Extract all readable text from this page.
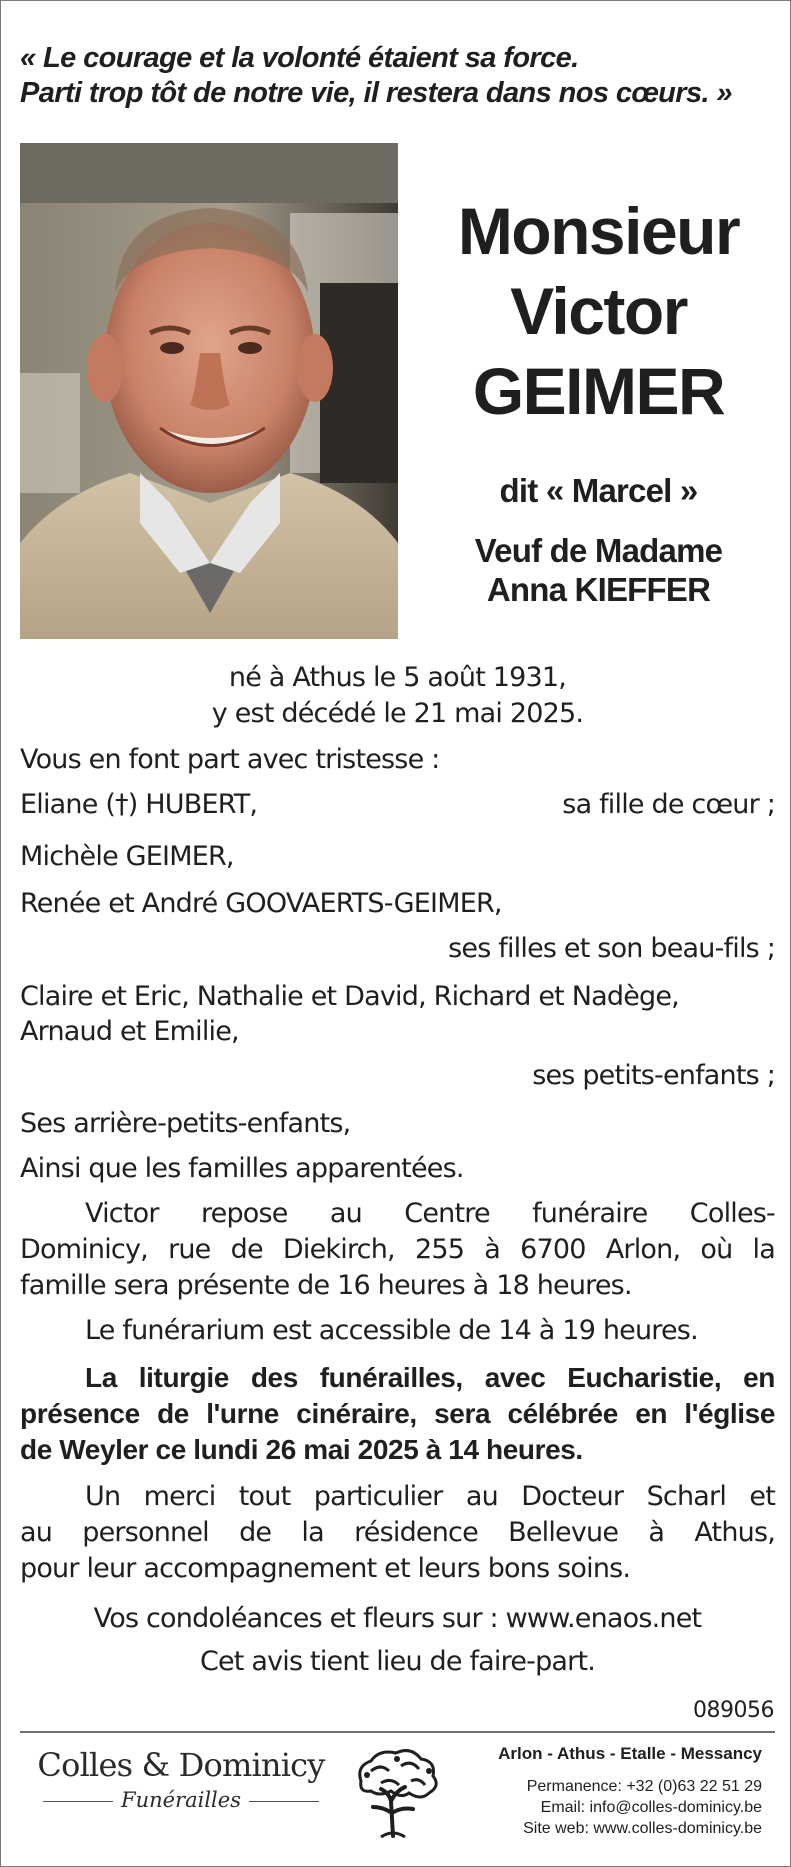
« Le courage et la volonté étaient sa force.
Parti trop tôt de notre vie, il restera dans nos cœurs. »
Monsieur
Victor
GEIMER
dit « Marcel »
Veuf de Madame
Anna KIEFFER
né à Athus le 5 août 1931,
y est décédé le 21 mai 2025.
Vous en font part avec tristesse :
Eliane (†) HUBERT,	sa fille de cœur ;
Michèle GEIMER,
Renée et André GOOVAERTS-GEIMER,
ses filles et son beau-fils ;
Claire et Eric, Nathalie et David, Richard et Nadège,
Arnaud et Emilie,
ses petits-enfants ;
Ses arrière-petits-enfants,
Ainsi que les familles apparentées.
Victor repose au Centre funéraire Colles-
Dominicy, rue de Diekirch, 255 à 6700 Arlon, où la
famille sera présente de 16 heures à 18 heures.
Le funérarium est accessible de 14 à 19 heures.
La liturgie des funérailles, avec Eucharistie, en
présence de l'urne cinéraire, sera célébrée en l'église
de Weyler ce lundi 26 mai 2025 à 14 heures.
Un merci tout particulier au Docteur Scharl et
au personnel de la résidence Bellevue à Athus,
pour leur accompagnement et leurs bons soins.
Vos condoléances et fleurs sur : www.enaos.net
Cet avis tient lieu de faire-part.
089056
Colles & Dominicy
Funérailles
Arlon - Athus - Etalle - Messancy
Permanence: +32 (0)63 22 51 29
Email: info@colles-dominicy.be
Site web: www.colles-dominicy.be
